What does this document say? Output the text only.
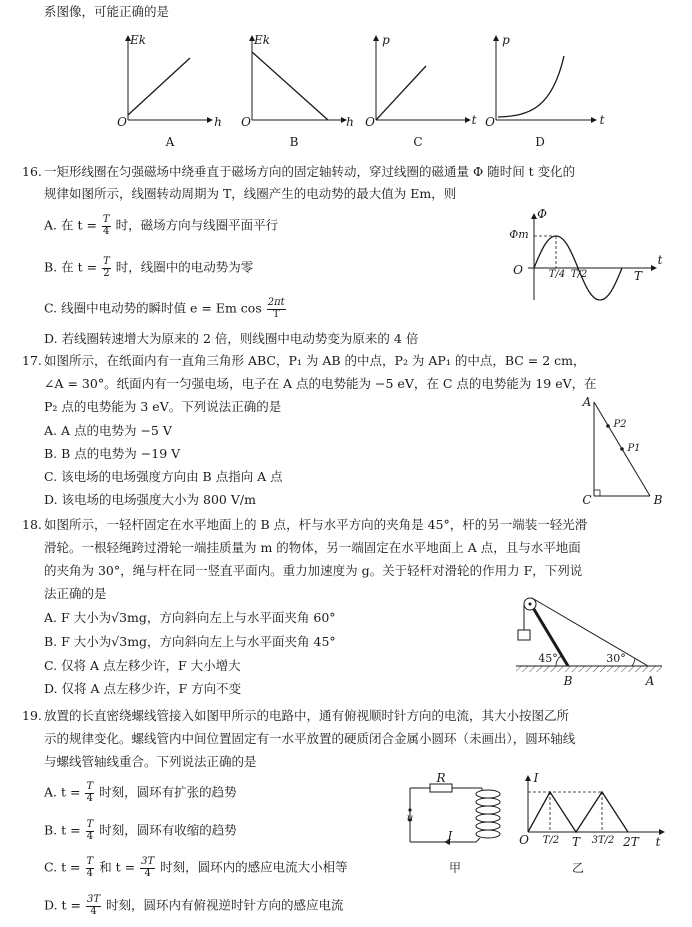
系图像，可能正确的是
Ek
h
O
A
Ek
h
O
B
p
t
O
C
p
t
O
D
16. 一矩形线圈在匀强磁场中绕垂直于磁场方向的固定轴转动，穿过线圈的磁通量 Φ 随时间 t 变化的
规律如图所示，线圈转动周期为 T，线圈产生的电动势的最大值为 Em，则
A. 在 $t = \frac{T}{4}$ 时，磁场方向与线圈平面平行
B. 在 $t = \frac{T}{2}$ 时，线圈中的电动势为零
C. 线圈中电动势的瞬时值 e = Em $\cos \frac{2\pi t}{T}$
D. 若线圈转速增大为原来的 2 倍，则线圈中电动势变为原来的 4 倍
Φ
Φm
t
O	T/4 T/2	T
17. 如图所示，在纸面内有一直角三角形 ABC，P₁ 为 AB 的中点，P₂ 为 AP₁ 的中点，BC = 2 cm，
∠A = 30°。纸面内有一匀强电场，电子在 A 点的电势能为 −5 eV，在 C 点的电势能为 19 eV，在
P₂ 点的电势能为 3 eV。下列说法正确的是
A. A 点的电势为 −5 V
B. B 点的电势为 −19 V
C. 该电场的电场强度方向由 B 点指向 A 点
D. 该电场的电场强度大小为 800 V/m
A
P2
P1
C	B
18. 如图所示，一轻杆固定在水平地面上的 B 点，杆与水平方向的夹角是 45°，杆的另一端装一轻光滑
滑轮。一根轻绳跨过滑轮一端挂质量为 m 的物体，另一端固定在水平地面上 A 点，且与水平地面
的夹角为 30°，绳与杆在同一竖直平面内。重力加速度为 g。关于轻杆对滑轮的作用力 F，下列说
法正确的是
A. F 大小为√3mg，方向斜向左上与水平面夹角 60°
B. F 大小为√3mg，方向斜向左上与水平面夹角 45°
C. 仅将 A 点左移少许，F 大小增大
D. 仅将 A 点左移少许，F 方向不变
45°	30°
B	A
19. 放置的长直密绕螺线管接入如图甲所示的电路中，通有俯视顺时针方向的电流，其大小按图乙所
示的规律变化。螺线管内中间位置固定有一水平放置的硬质闭合金属小圆环（未画出），圆环轴线
与螺线管轴线重合。下列说法正确的是
A. $t = \frac{T}{4}$ 时刻，圆环有扩张的趋势
B. $t = \frac{T}{4}$ 时刻，圆环有收缩的趋势
C. $t = \frac{T}{4}$ 和 $t = \frac{3T}{4}$ 时刻，圆环内的感应电流大小相等
D. $t = \frac{3T}{4}$ 时刻，圆环内有俯视逆时针方向的感应电流
R
u
I
甲
I
O	T/2	T	3T/2 2T	t
乙
